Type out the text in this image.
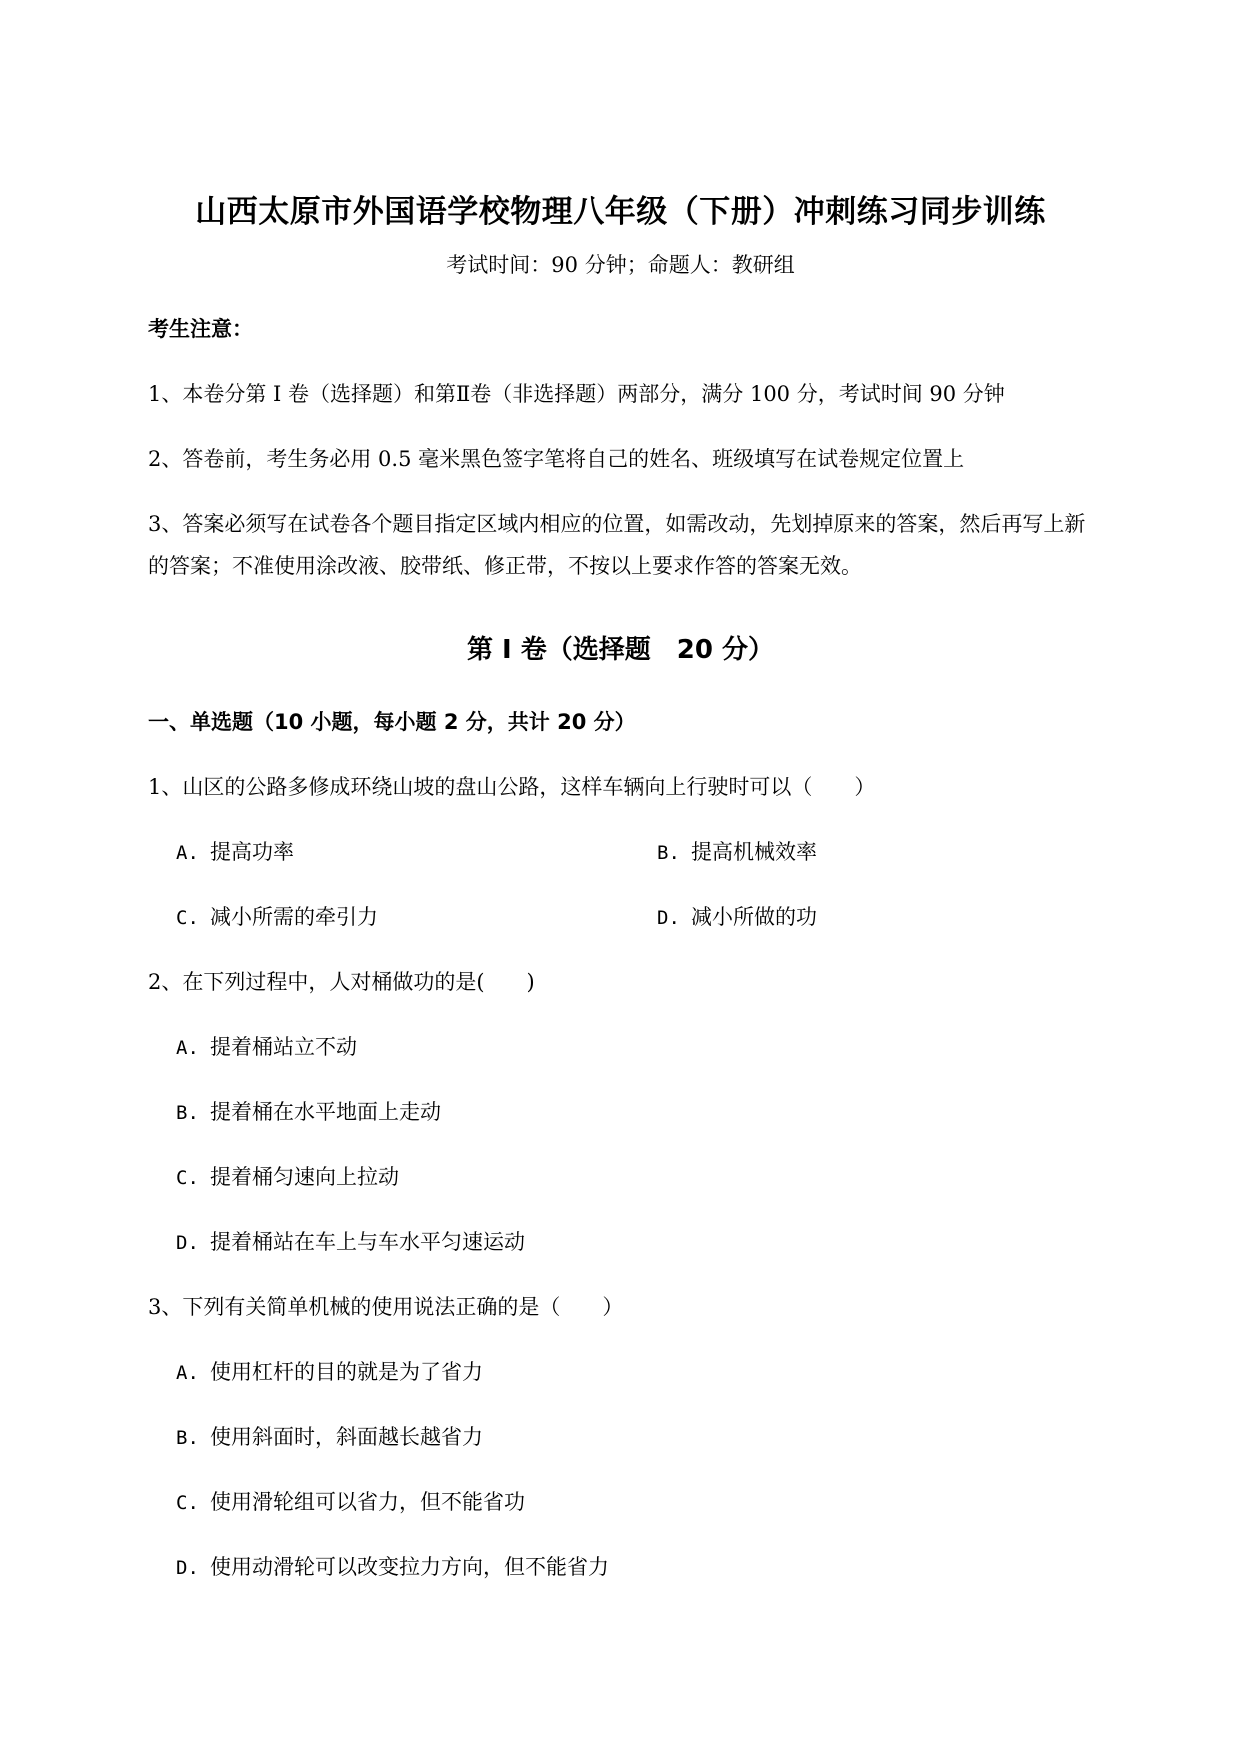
山西太原市外国语学校物理八年级（下册）冲刺练习同步训练
考试时间：90 分钟；命题人：教研组
考生注意：
1、本卷分第 I 卷（选择题）和第Ⅱ卷（非选择题）两部分，满分 100 分，考试时间 90 分钟
2、答卷前，考生务必用 0.5 毫米黑色签字笔将自己的姓名、班级填写在试卷规定位置上
3、答案必须写在试卷各个题目指定区域内相应的位置，如需改动，先划掉原来的答案，然后再写上新
的答案；不准使用涂改液、胶带纸、修正带，不按以上要求作答的答案无效。
第 I 卷（选择题　20 分）
一、单选题（10 小题，每小题 2 分，共计 20 分）
1、山区的公路多修成环绕山坡的盘山公路，这样车辆向上行驶时可以（　　）
A. 提高功率	B. 提高机械效率
C. 减小所需的牵引力	D. 减小所做的功
2、在下列过程中，人对桶做功的是(　　)
A. 提着桶站立不动
B. 提着桶在水平地面上走动
C. 提着桶匀速向上拉动
D. 提着桶站在车上与车水平匀速运动
3、下列有关简单机械的使用说法正确的是（　　）
A. 使用杠杆的目的就是为了省力
B. 使用斜面时，斜面越长越省力
C. 使用滑轮组可以省力，但不能省功
D. 使用动滑轮可以改变拉力方向，但不能省力
